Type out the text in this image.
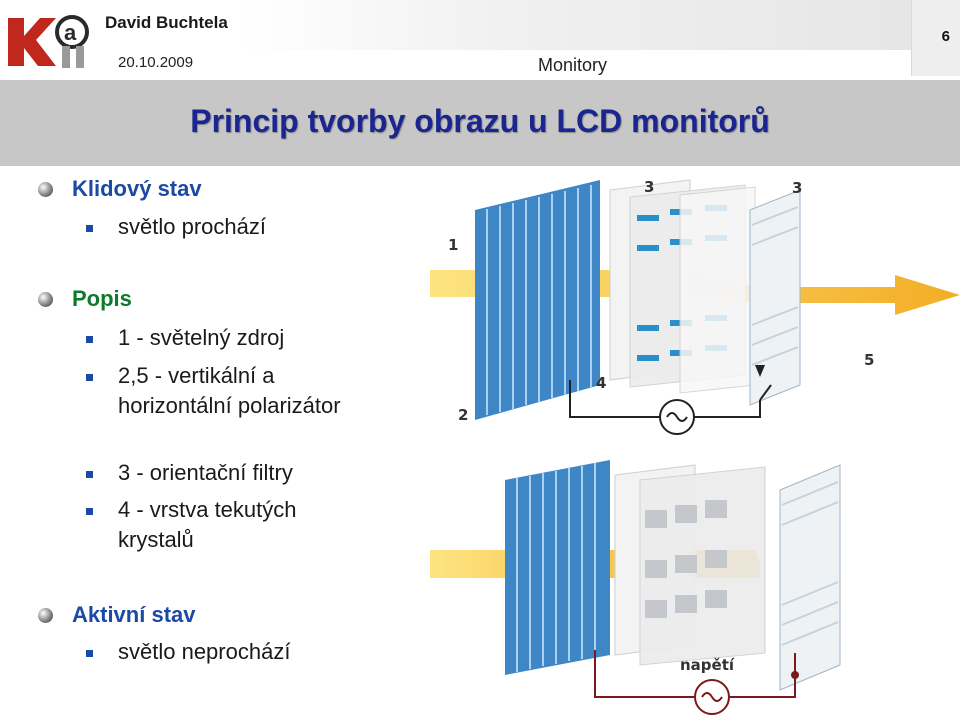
a David Buchtela
20.10.2009	Monitory
6
Princip tvorby obrazu u LCD monitorů
Klidový stav
světlo prochází
Popis
1 - světelný zdroj
2,5 - vertikální a horizontální polarizátor
3 - orientační filtry
4 - vrstva tekutých krystalů
Aktivní stav
světlo neprochází
1
2
3	3
4
5
napětí
